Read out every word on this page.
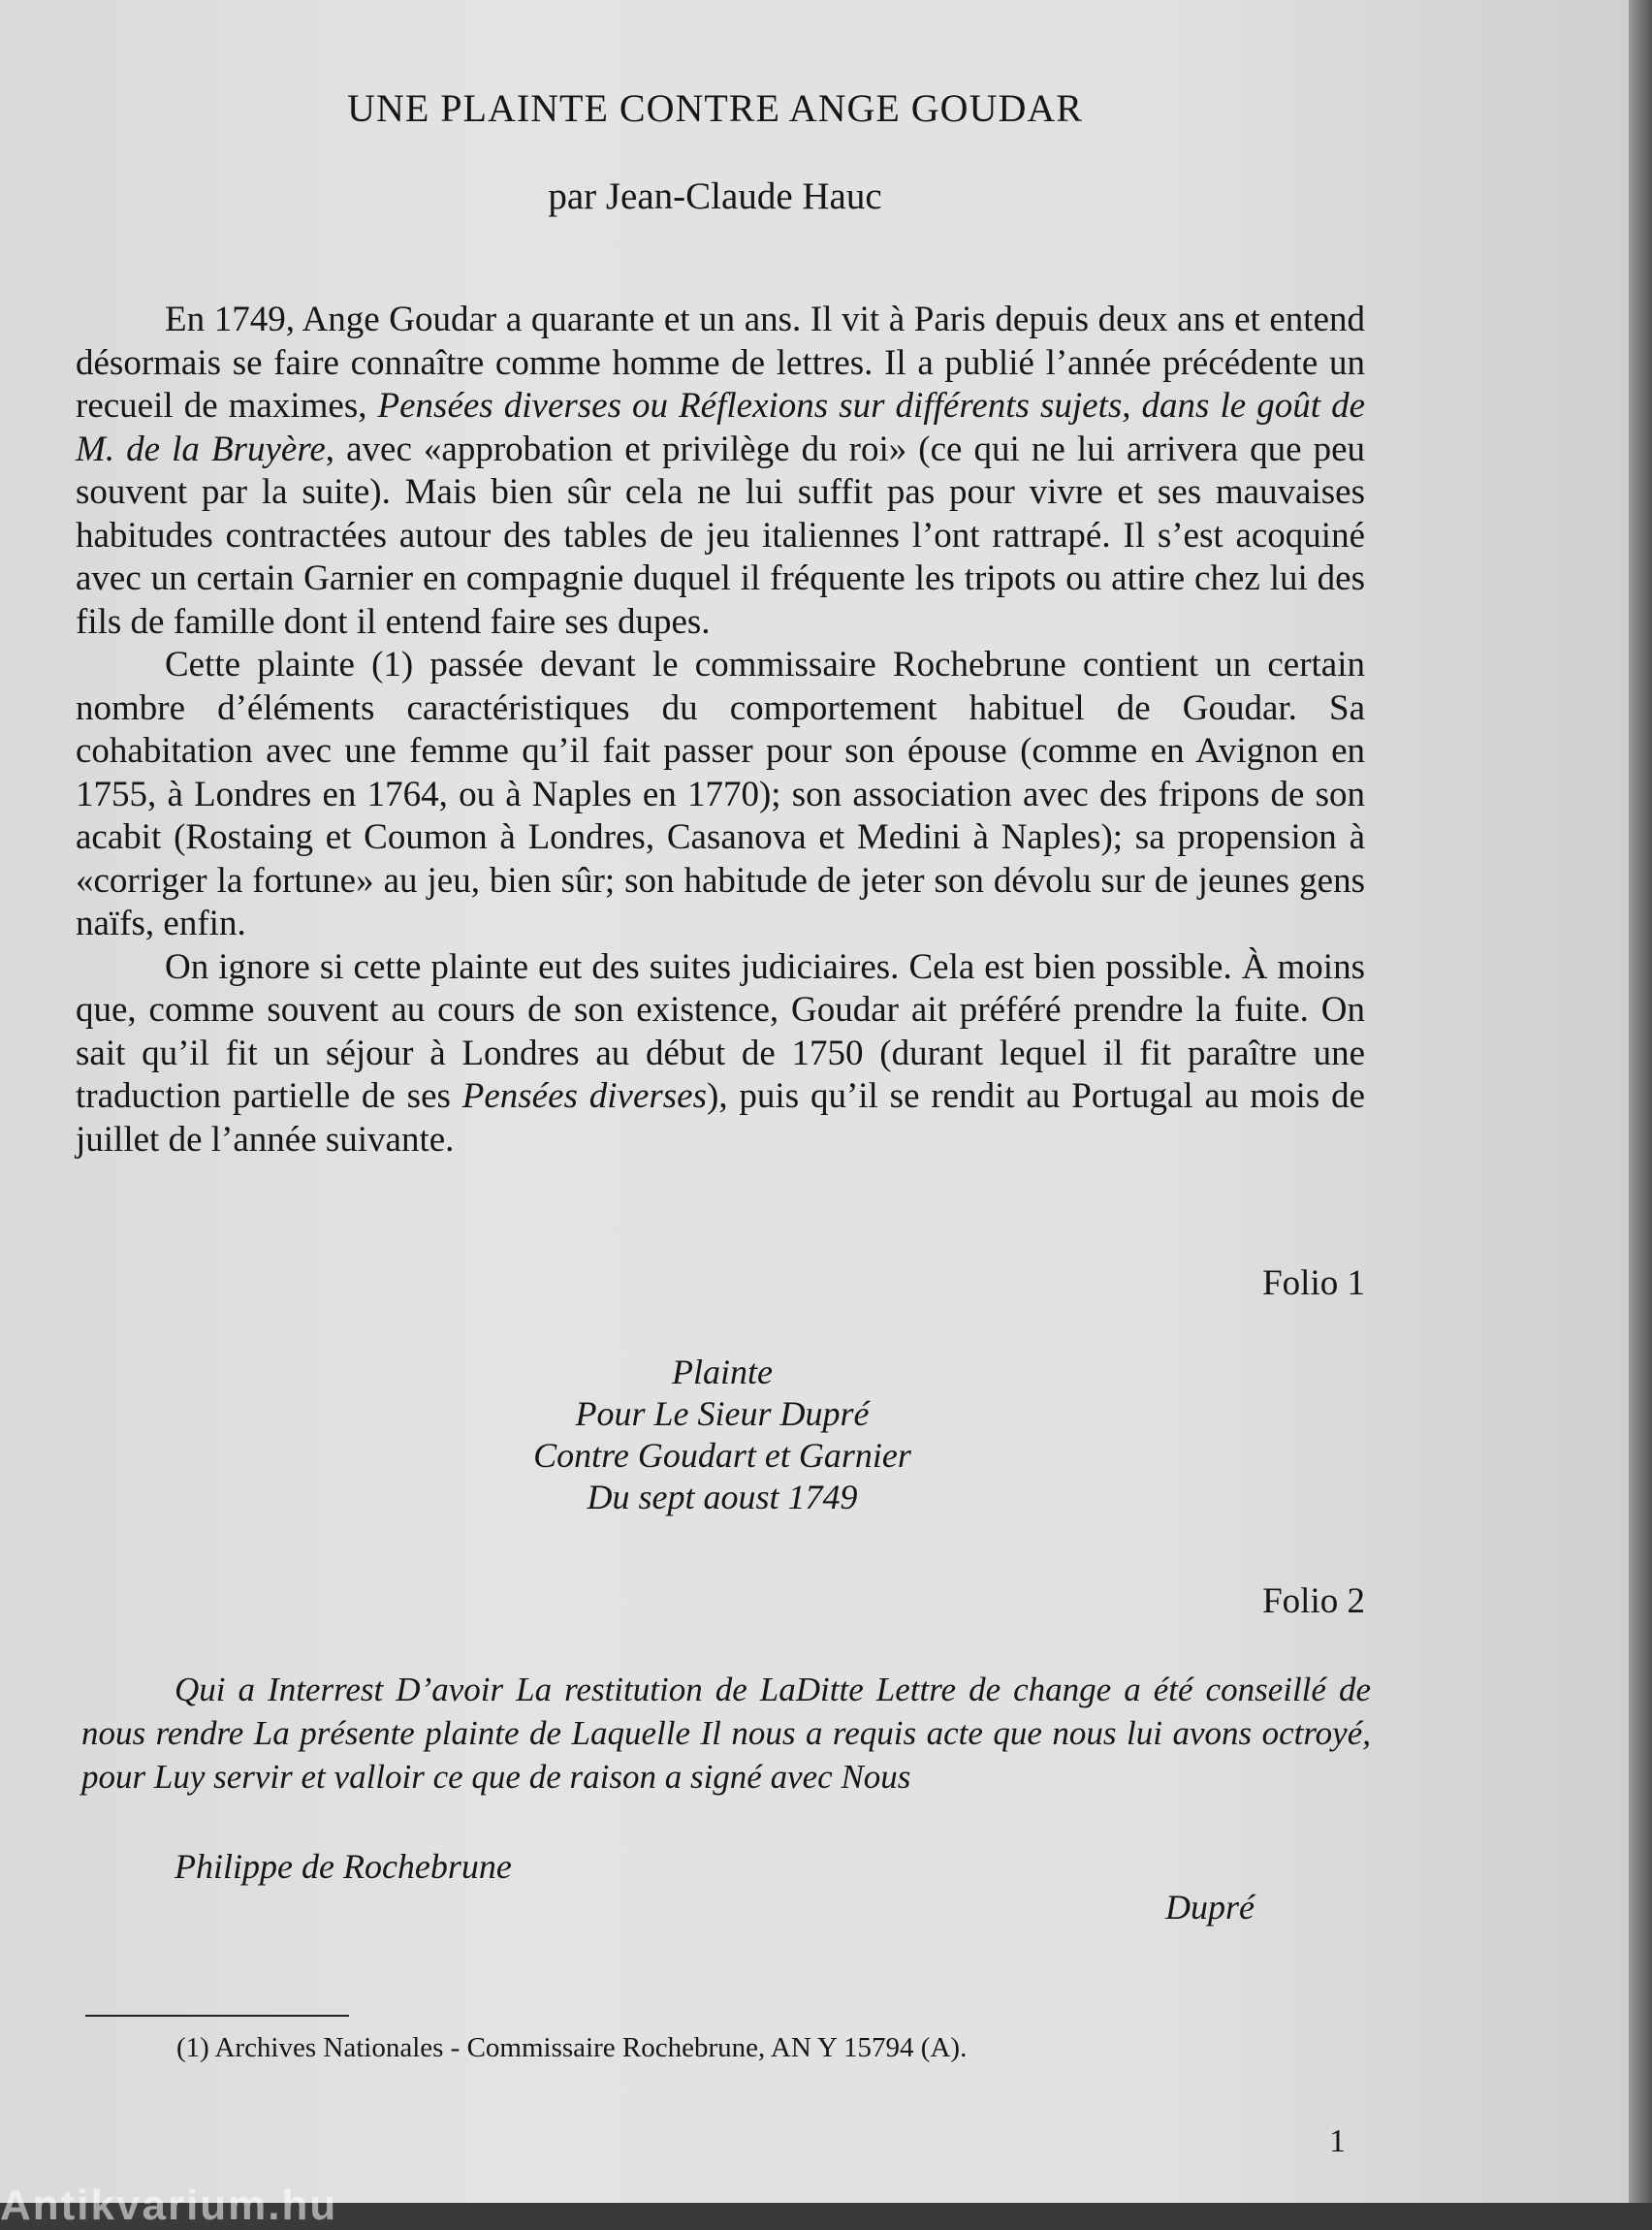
UNE PLAINTE CONTRE ANGE GOUDAR
par Jean-Claude Hauc

En 1749, Ange Goudar a quarante et un ans. Il vit à Paris depuis deux ans et entend désormais se faire connaître comme homme de lettres. Il a publié l’année précédente un recueil de maximes, Pensées diverses ou Réflexions sur différents sujets, dans le goût de M. de la Bruyère, avec «approbation et privilège du roi» (ce qui ne lui arrivera que peu souvent par la suite). Mais bien sûr cela ne lui suffit pas pour vivre et ses mauvaises habitudes contractées autour des tables de jeu italiennes l’ont rattrapé. Il s’est acoquiné avec un certain Garnier en compagnie duquel il fréquente les tripots ou attire chez lui des fils de famille dont il entend faire ses dupes.

Cette plainte (1) passée devant le commissaire Rochebrune contient un certain nombre d’éléments caractéristiques du comportement habituel de Goudar. Sa cohabitation avec une femme qu’il fait passer pour son épouse (comme en Avignon en 1755, à Londres en 1764, ou à Naples en 1770); son association avec des fripons de son acabit (Rostaing et Coumon à Londres, Casanova et Medini à Naples); sa propension à «corriger la fortune» au jeu, bien sûr; son habitude de jeter son dévolu sur de jeunes gens naïfs, enfin.

On ignore si cette plainte eut des suites judiciaires. Cela est bien possible. À moins que, comme souvent au cours de son existence, Goudar ait préféré prendre la fuite. On sait qu’il fit un séjour à Londres au début de 1750 (durant lequel il fit paraître une traduction partielle de ses Pensées diverses), puis qu’il se rendit au Portugal au mois de juillet de l’année suivante.

Folio 1
Plainte
Pour Le Sieur Dupré
Contre Goudart et Garnier
Du sept aoust 1749
Folio 2

Qui a Interrest D’avoir La restitution de LaDitte Lettre de change a été conseillé de nous rendre La présente plainte de Laquelle Il nous a requis acte que nous lui avons octroyé, pour Luy servir et valloir ce que de raison a signé avec Nous

Philippe de Rochebrune
Dupré
(1) Archives Nationales - Commissaire Rochebrune, AN Y 15794 (A).
1
Antikvarium.hu
